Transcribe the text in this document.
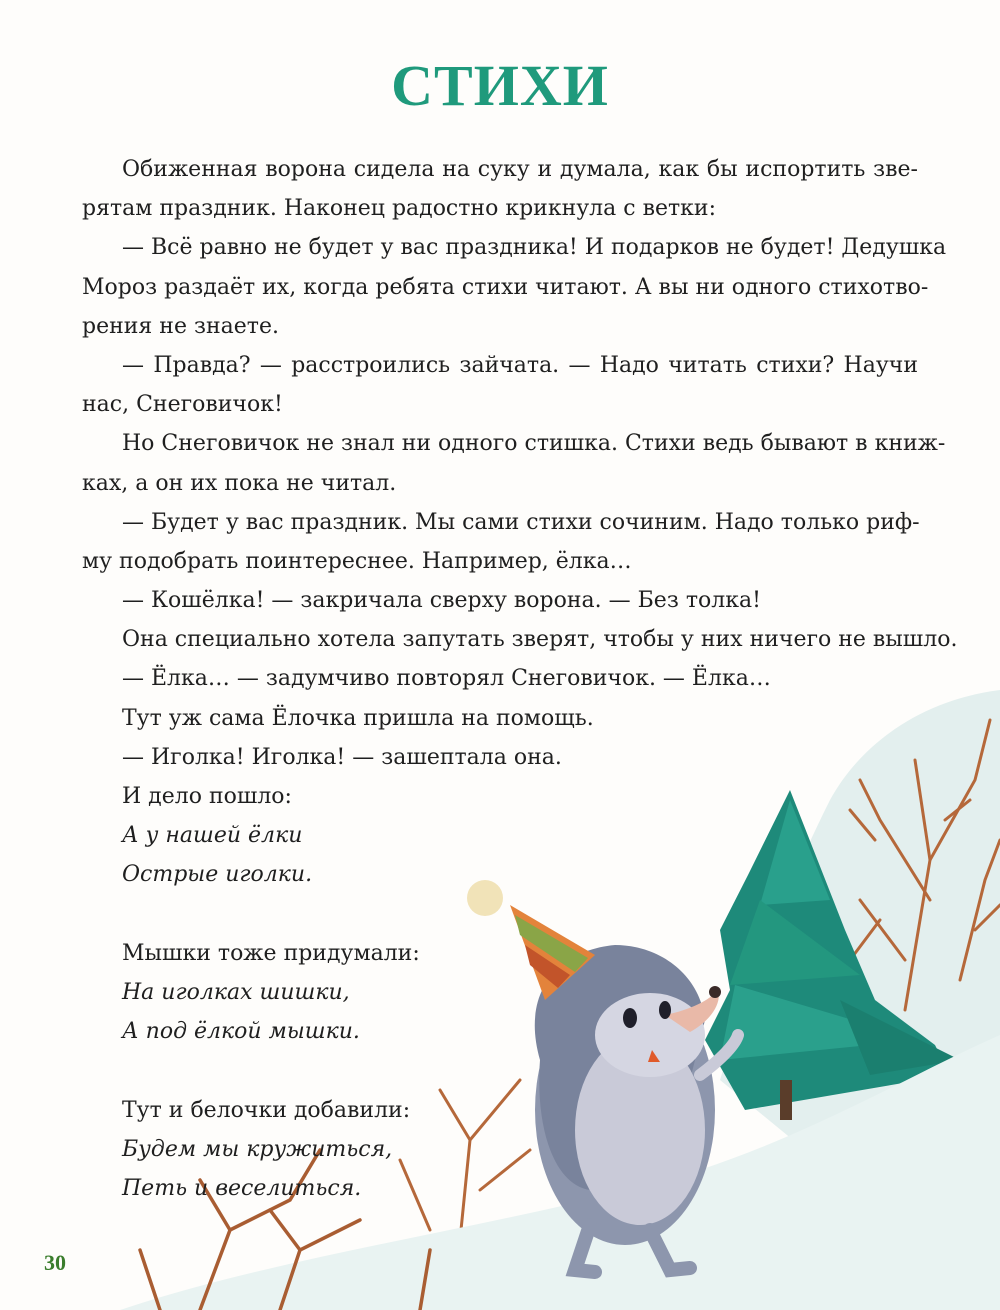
СТИХИ
Обиженная ворона сидела на суку и думала, как бы испортить зве-
рятам праздник. Наконец радостно крикнула с ветки:
— Всё равно не будет у вас праздника! И подарков не будет! Дедушка
Мороз раздаёт их, когда ребята стихи читают. А вы ни одного стихотво-
рения не знаете.
— Правда? — расстроились зайчата. — Надо читать стихи? Научи
нас, Снеговичок!
Но Снеговичок не знал ни одного стишка. Стихи ведь бывают в книж-
ках, а он их пока не читал.
— Будет у вас праздник. Мы сами стихи сочиним. Надо только риф-
му подобрать поинтереснее. Например, ёлка…
— Кошёлка! — закричала сверху ворона. — Без толка!
Она специально хотела запутать зверят, чтобы у них ничего не вышло.
— Ёлка… — задумчиво повторял Снеговичок. — Ёлка…
Тут уж сама Ёлочка пришла на помощь.
— Иголка! Иголка! — зашептала она.
И дело пошло:
А у нашей ёлки
Острые иголки.
Мышки тоже придумали:
На иголках шишки,
А под ёлкой мышки.
Тут и белочки добавили:
Будем мы кружиться,
Петь и веселиться.
30
